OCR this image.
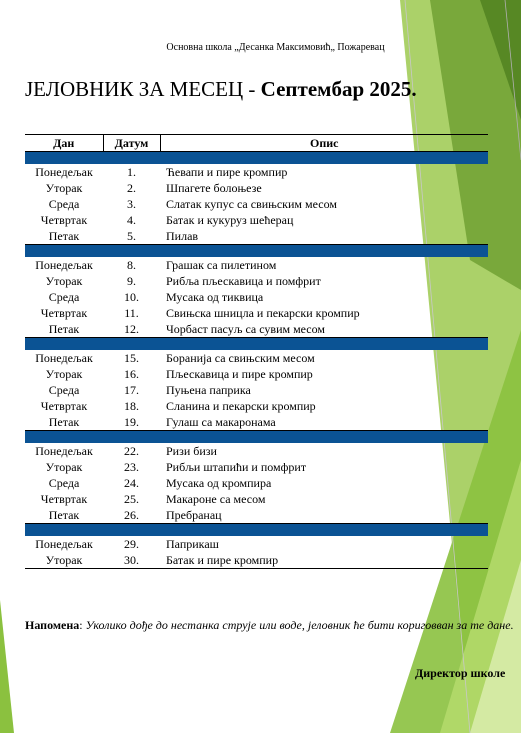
Основна школа „Десанка Максимовић„ Пожаревац
ЈЕЛОВНИК ЗА МЕСЕЦ - Септембар 2025.
Дан	Датум	Опис

Понедељак	1.	Ћевапи и пире кромпир
Уторак	2.	Шпагете болоњезе
Среда	3.	Слатак купус са свињским месом
Четвртак	4.	Батак и кукуруз шећерац
Петак	5.	Пилав

Понедељак	8.	Грашак са пилетином
Уторак	9.	Рибља пљескавица и помфрит
Среда	10.	Мусака од тиквица
Четвртак	11.	Свињска шницла и пекарски кромпир
Петак	12.	Чорбаст пасуљ са сувим месом

Понедељак	15.	Боранија са свињским месом
Уторак	16.	Пљескавица и пире кромпир
Среда	17.	Пуњена паприка
Четвртак	18.	Сланина и пекарски кромпир
Петак	19.	Гулаш са макаронама

Понедељак	22.	Ризи бизи
Уторак	23.	Рибљи штапићи и помфрит
Среда	24.	Мусака од кромпира
Четвртак	25.	Макароне са месом
Петак	26.	Пребранац

Понедељак	29.	Паприкаш
Уторак	30.	Батак и пире кромпир
Напомена: Уколико дође до нестанка струје или воде, јеловник ће бити кориговван за те дане.
Директор школе
